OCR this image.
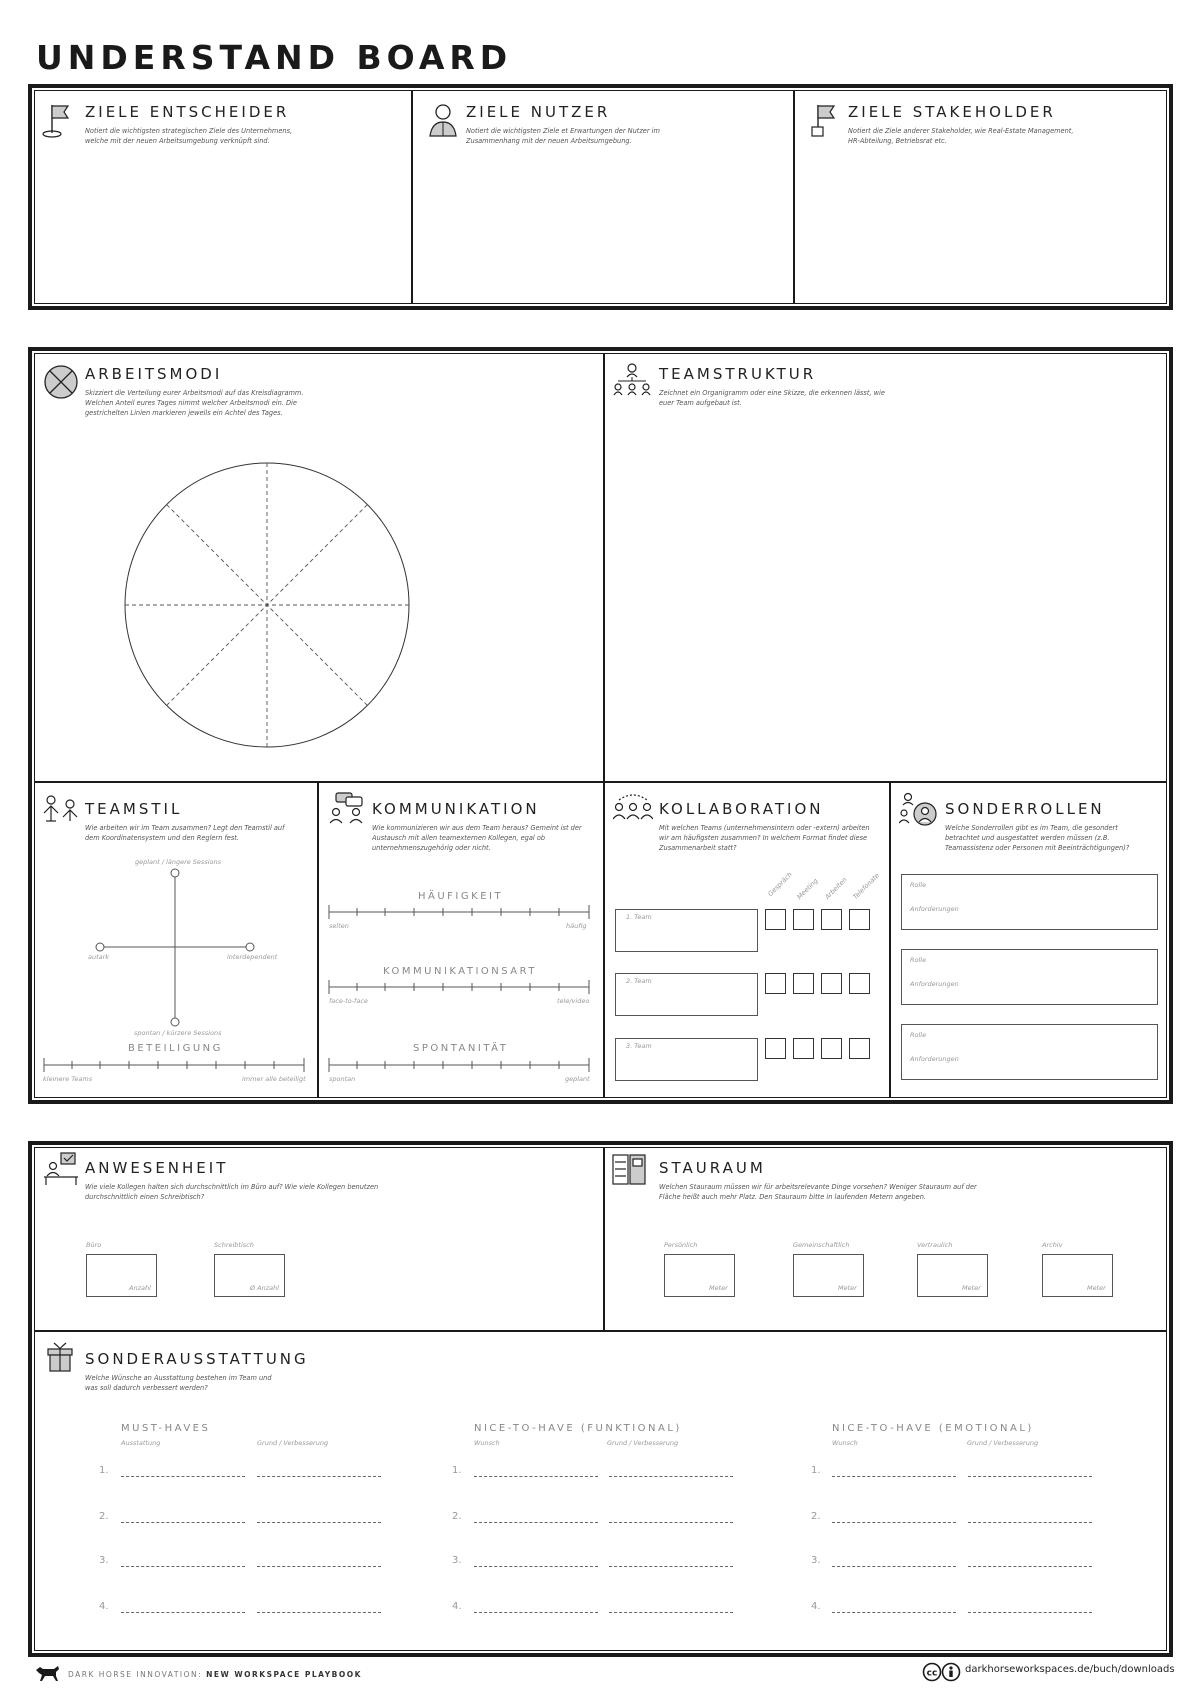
UNDERSTAND BOARD
ZIELE ENTSCHEIDER
Notiert die wichtigsten strategischen Ziele des Unternehmens, welche mit der neuen Arbeitsumgebung verknüpft sind.
ZIELE NUTZER
Notiert die wichtigsten Ziele et Erwartungen der Nutzer im Zusammenhang mit der neuen Arbeitsumgebung.
ZIELE STAKEHOLDER
Notiert die Ziele anderer Stakeholder, wie Real-Estate Management, HR-Abteilung, Betriebsrat etc.
ARBEITSMODI
Skizziert die Verteilung eurer Arbeitsmodi auf das Kreisdiagramm. Welchen Anteil eures Tages nimmt welcher Arbeitsmodi ein. Die gestrichelten Linien markieren jeweils ein Achtel des Tages.
TEAMSTRUKTUR
Zeichnet ein Organigramm oder eine Skizze, die erkennen lässt, wie euer Team aufgebaut ist.
TEAMSTIL
Wie arbeiten wir im Team zusammen? Legt den Teamstil auf dem Koordinatensystem und den Reglern fest.
geplant / längere Sessions
spontan / kürzere Sessions
autark	interdependent
BETEILIGUNG
kleinere Teams	immer alle beteiligt
KOMMUNIKATION
Wie kommunizieren wir aus dem Team heraus? Gemeint ist der Austausch mit allen teamexternen Kollegen, egal ob unternehmenszugehörig oder nicht.
HÄUFIGKEIT
selten	häufig
KOMMUNIKATIONSART
face-to-face	tele/video
SPONTANITÄT
spontan	geplant
KOLLABORATION
Mit welchen Teams (unternehmensintern oder -extern) arbeiten wir am häufigsten zusammen? In welchem Format findet diese Zusammenarbeit statt?
Gespräch Meeting Arbeiten Telefonate
1. Team
2. Team
3. Team
SONDERROLLEN
Welche Sonderrollen gibt es im Team, die gesondert betrachtet und ausgestattet werden müssen (z.B. Teamassistenz oder Personen mit Beeinträchtigungen)?
Rolle
Anforderungen
Rolle
Anforderungen
Rolle
Anforderungen
ANWESENHEIT
Wie viele Kollegen halten sich durchschnittlich im Büro auf? Wie viele Kollegen benutzen durchschnittlich einen Schreibtisch?
Büro
Anzahl
Schreibtisch
Ø Anzahl
STAURAUM
Welchen Stauraum müssen wir für arbeitsrelevante Dinge vorsehen? Weniger Stauraum auf der Fläche heißt auch mehr Platz. Den Stauraum bitte in laufenden Metern angeben.
Persönlich
Meter
Gemeinschaftlich
Meter
Vertraulich
Meter
Archiv
Meter
SONDERAUSSTATTUNG
Welche Wünsche an Ausstattung bestehen im Team und was soll dadurch verbessert werden?
MUST-HAVES
Ausstattung	Grund / Verbesserung
NICE-TO-HAVE (FUNKTIONAL)
Wunsch	Grund / Verbesserung
NICE-TO-HAVE (EMOTIONAL)
Wunsch	Grund / Verbesserung
1.	1.	1.
2.	2.	2.
3.	3.	3.
4.	4.	4.
DARK HORSE INNOVATION: NEW WORKSPACE PLAYBOOK	cc	darkhorseworkspaces.de/buch/downloads
